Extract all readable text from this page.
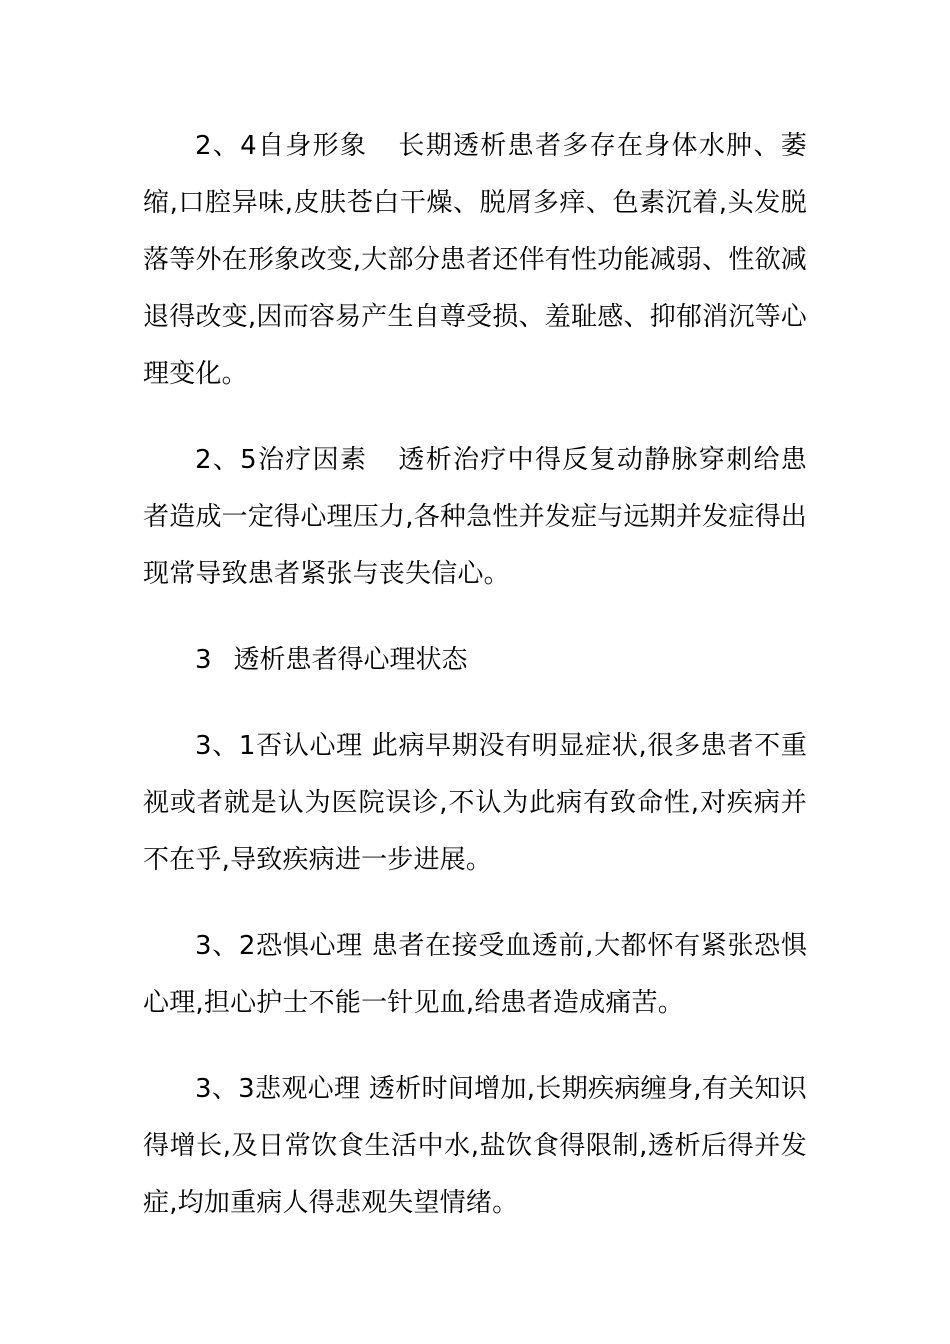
2、4自身形象 长期透析患者多存在身体水肿、萎缩,口腔异味,皮肤苍白干燥、脱屑多痒、色素沉着,头发脱落等外在形象改变,大部分患者还伴有性功能减弱、性欲减退得改变,因而容易产生自尊受损、羞耻感、抑郁消沉等心理变化。

2、5治疗因素 透析治疗中得反复动静脉穿刺给患者造成一定得心理压力,各种急性并发症与远期并发症得出现常导致患者紧张与丧失信心。

3 透析患者得心理状态

3、1否认心理 此病早期没有明显症状,很多患者不重视或者就是认为医院误诊,不认为此病有致命性,对疾病并不在乎,导致疾病进一步进展。

3、2恐惧心理 患者在接受血透前,大都怀有紧张恐惧心理,担心护士不能一针见血,给患者造成痛苦。

3、3悲观心理 透析时间增加,长期疾病缠身,有关知识得增长,及日常饮食生活中水,盐饮食得限制,透析后得并发症,均加重病人得悲观失望情绪。
